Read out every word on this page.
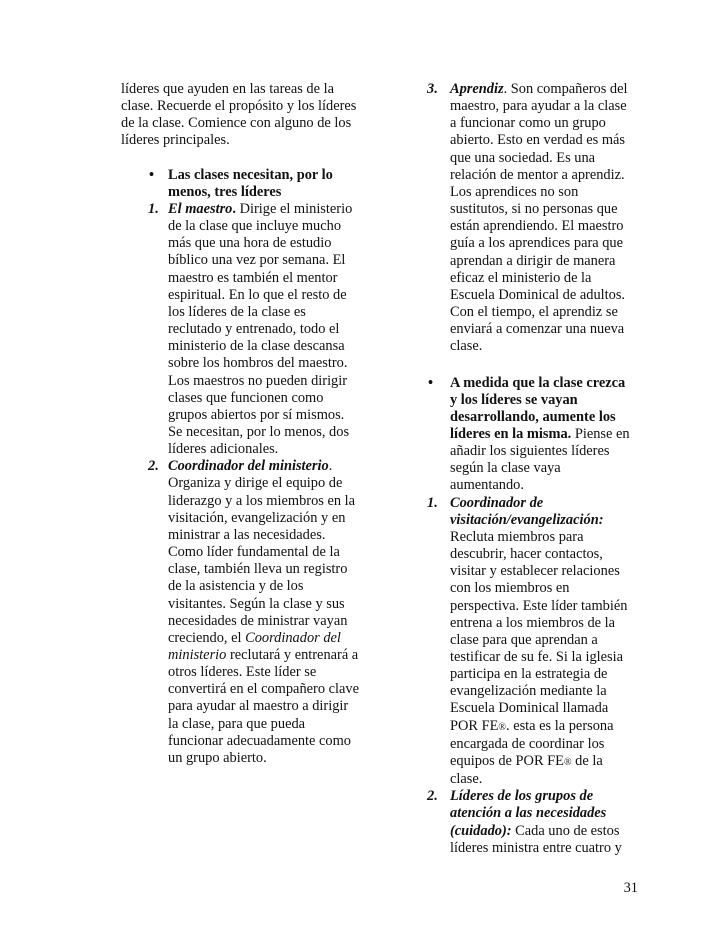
líderes que ayuden en las tareas de la clase. Recuerde el propósito y los líderes de la clase. Comience con alguno de los líderes principales.

• Las clases necesitan, por lo menos, tres líderes
1. El maestro. Dirige el ministerio de la clase que incluye mucho más que una hora de estudio bíblico una vez por semana. El maestro es también el mentor espiritual. En lo que el resto de los líderes de la clase es reclutado y entrenado, todo el ministerio de la clase descansa sobre los hombros del maestro.
Los maestros no pueden dirigir clases que funcionen como grupos abiertos por sí mismos. Se necesitan, por lo menos, dos líderes adicionales.
2. Coordinador del ministerio. Organiza y dirige el equipo de liderazgo y a los miembros en la visitación, evangelización y en ministrar a las necesidades. Como líder fundamental de la clase, también lleva un registro de la asistencia y de los visitantes. Según la clase y sus necesidades de ministrar vayan creciendo, el Coordinador del ministerio reclutará y entrenará a otros líderes. Este líder se convertirá en el compañero clave para ayudar al maestro a dirigir la clase, para que pueda funcionar adecuadamente como un grupo abierto.
3. Aprendiz. Son compañeros del maestro, para ayudar a la clase a funcionar como un grupo abierto. Esto en verdad es más que una sociedad. Es una relación de mentor a aprendiz. Los aprendices no son sustitutos, si no personas que están aprendiendo. El maestro guía a los aprendices para que aprendan a dirigir de manera eficaz el ministerio de la Escuela Dominical de adultos. Con el tiempo, el aprendiz se enviará a comenzar una nueva clase.
• A medida que la clase crezca y los líderes se vayan desarrollando, aumente los líderes en la misma. Piense en añadir los siguientes líderes según la clase vaya aumentando.
1. Coordinador de visitación/evangelización: Recluta miembros para descubrir, hacer contactos, visitar y establecer relaciones con los miembros en perspectiva. Este líder también entrena a los miembros de la clase para que aprendan a testificar de su fe. Si la iglesia participa en la estrategia de evangelización mediante la Escuela Dominical llamada POR FE®. esta es la persona encargada de coordinar los equipos de POR FE® de la clase.
2. Líderes de los grupos de atención a las necesidades (cuidado): Cada uno de estos líderes ministra entre cuatro y
31
